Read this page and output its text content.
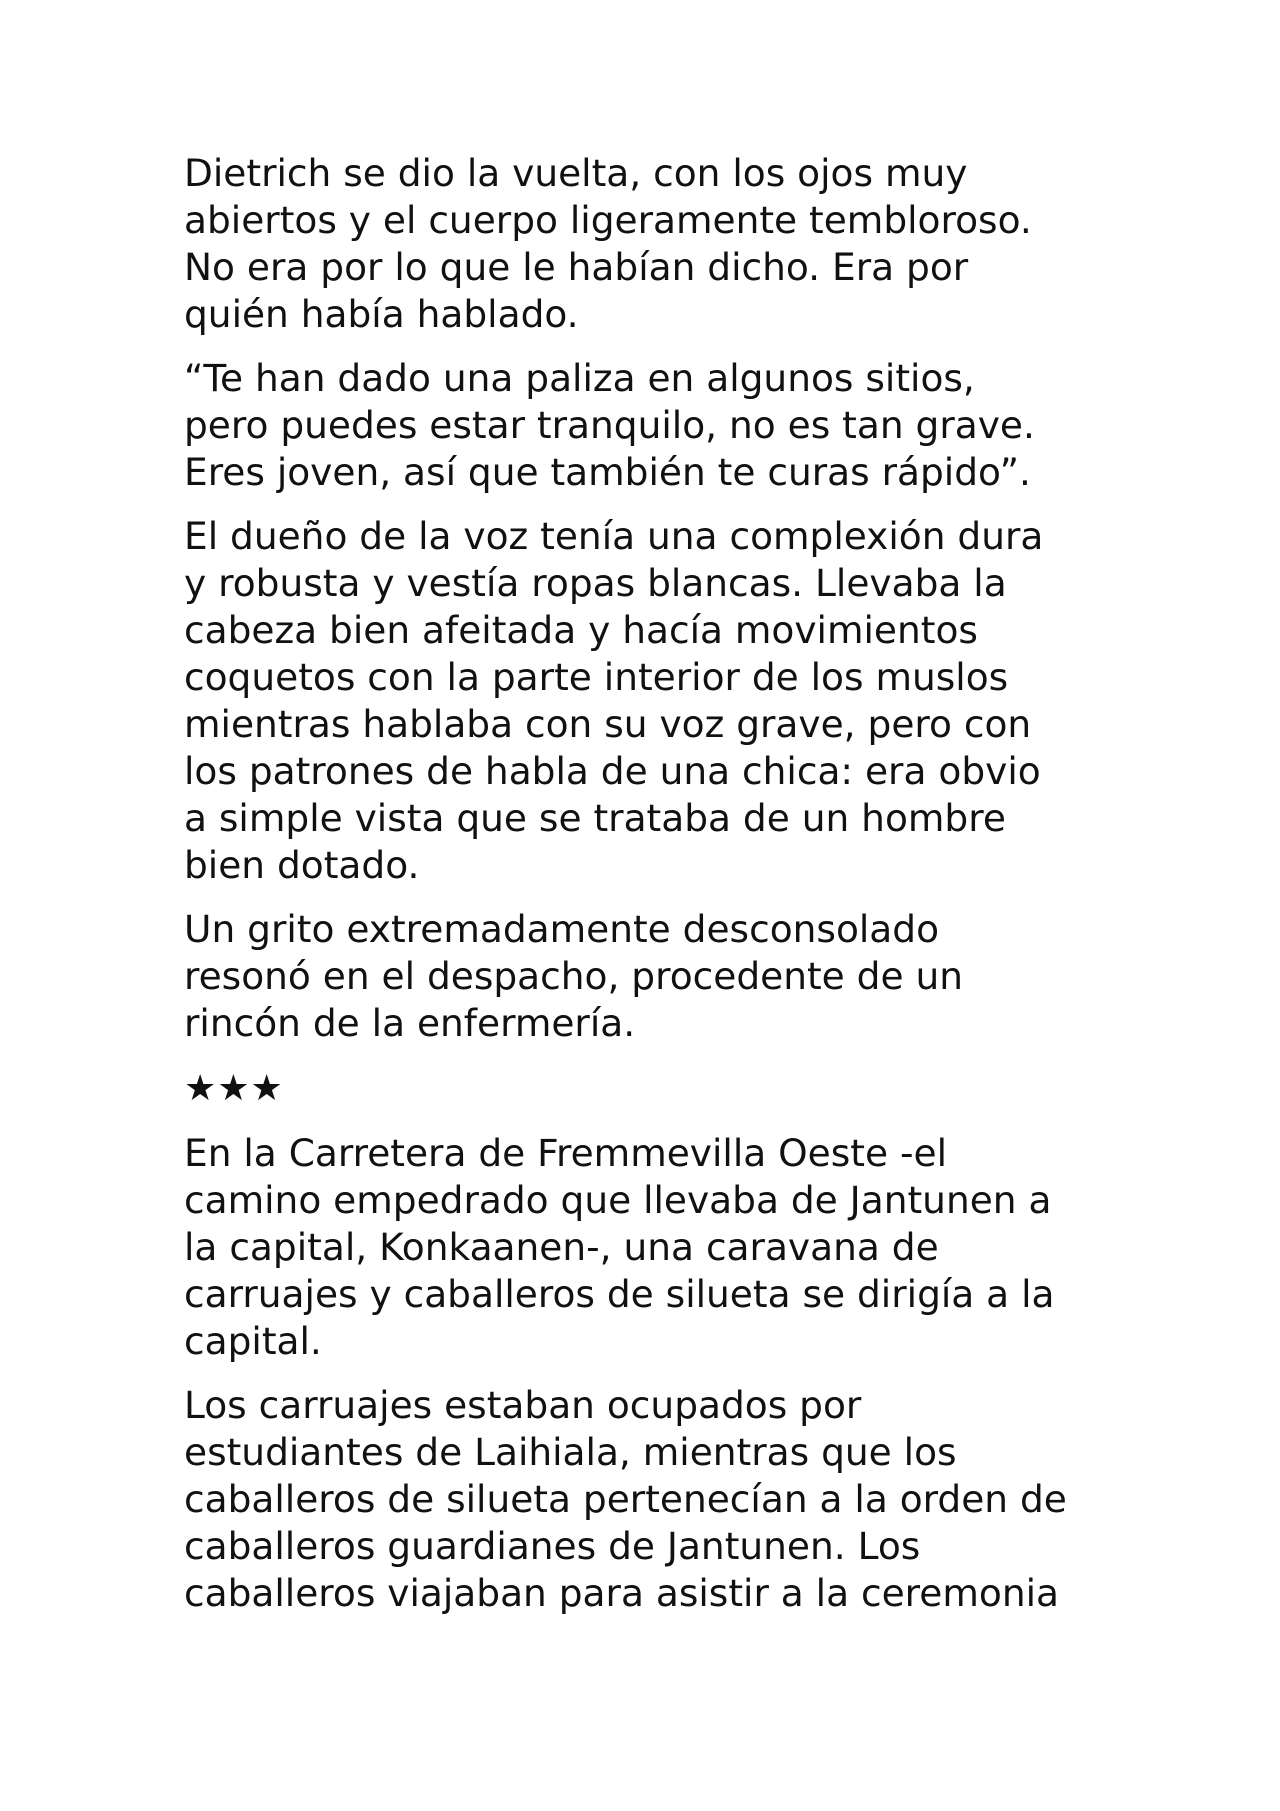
Dietrich se dio la vuelta, con los ojos muy
abiertos y el cuerpo ligeramente tembloroso.
No era por lo que le habían dicho. Era por
quién había hablado.

“Te han dado una paliza en algunos sitios,
pero puedes estar tranquilo, no es tan grave.
Eres joven, así que también te curas rápido”.

El dueño de la voz tenía una complexión dura
y robusta y vestía ropas blancas. Llevaba la
cabeza bien afeitada y hacía movimientos
coquetos con la parte interior de los muslos
mientras hablaba con su voz grave, pero con
los patrones de habla de una chica: era obvio
a simple vista que se trataba de un hombre
bien dotado.

Un grito extremadamente desconsolado
resonó en el despacho, procedente de un
rincón de la enfermería.

★★★

En la Carretera de Fremmevilla Oeste -el
camino empedrado que llevaba de Jantunen a
la capital, Konkaanen-, una caravana de
carruajes y caballeros de silueta se dirigía a la
capital.

Los carruajes estaban ocupados por
estudiantes de Laihiala, mientras que los
caballeros de silueta pertenecían a la orden de
caballeros guardianes de Jantunen. Los
caballeros viajaban para asistir a la ceremonia
